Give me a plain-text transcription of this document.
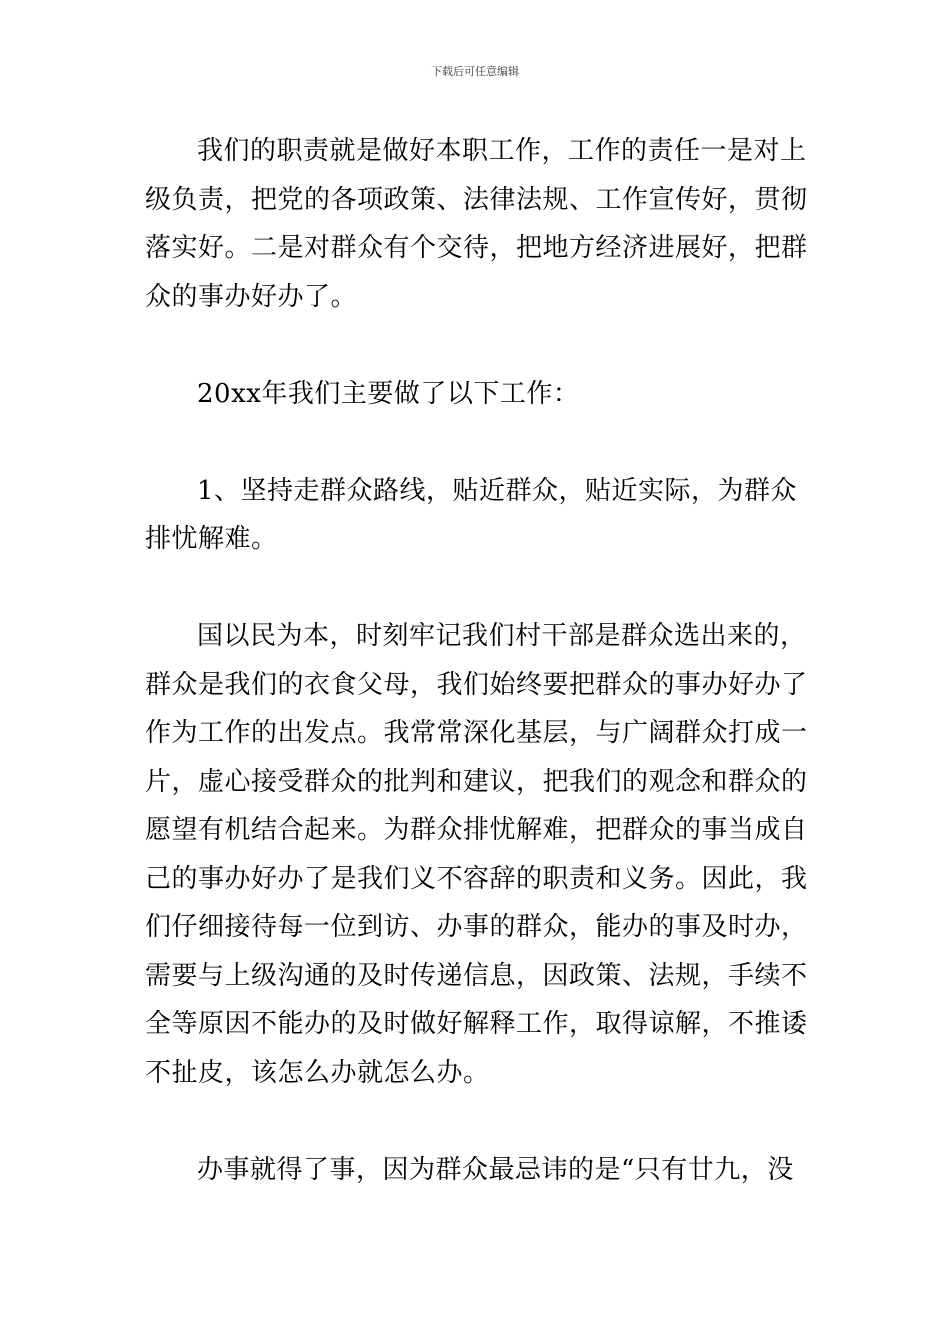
下载后可任意编辑

我们的职责就是做好本职工作，工作的责任一是对上级负责，把党的各项政策、法律法规、工作宣传好，贯彻落实好。二是对群众有个交待，把地方经济进展好，把群众的事办好办了。

20xx年我们主要做了以下工作：

1、坚持走群众路线，贴近群众，贴近实际，为群众排忧解难。

国以民为本，时刻牢记我们村干部是群众选出来的，群众是我们的衣食父母，我们始终要把群众的事办好办了作为工作的出发点。我常常深化基层，与广阔群众打成一片，虚心接受群众的批判和建议，把我们的观念和群众的愿望有机结合起来。为群众排忧解难，把群众的事当成自己的事办好办了是我们义不容辞的职责和义务。因此，我们仔细接待每一位到访、办事的群众，能办的事及时办，需要与上级沟通的及时传递信息，因政策、法规，手续不全等原因不能办的及时做好解释工作，取得谅解，不推诿不扯皮，该怎么办就怎么办。

办事就得了事，因为群众最忌讳的是“只有廿九，没
